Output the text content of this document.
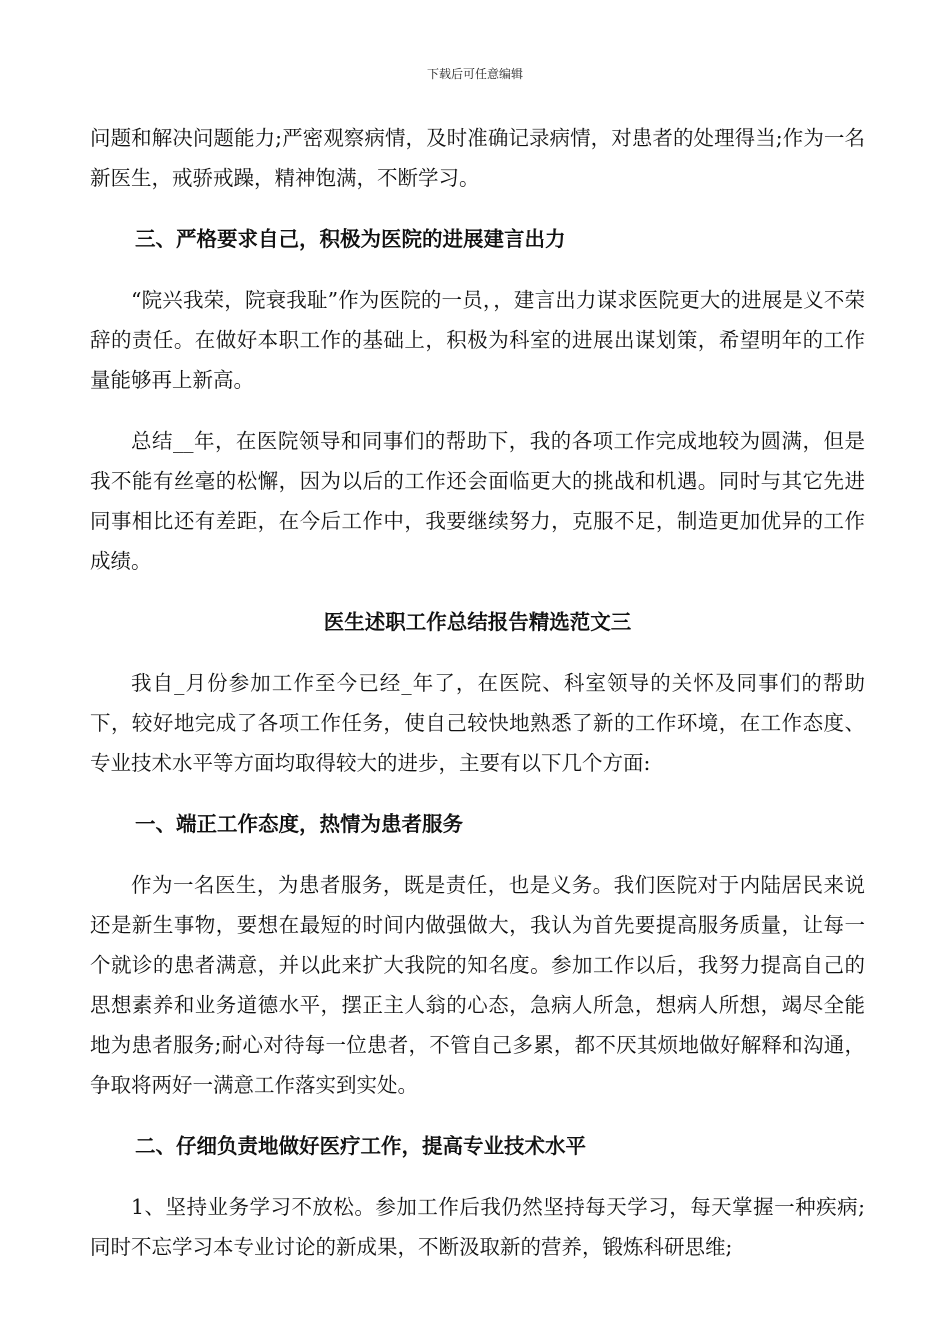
下载后可任意编辑

问题和解决问题能力;严密观察病情，及时准确记录病情，对患者的处理得当;作为一名新医生，戒骄戒躁，精神饱满，不断学习。

三、严格要求自己，积极为医院的进展建言出力

“院兴我荣，院衰我耻”作为医院的一员，，建言出力谋求医院更大的进展是义不荣辞的责任。在做好本职工作的基础上，积极为科室的进展出谋划策，希望明年的工作量能够再上新高。

总结__年，在医院领导和同事们的帮助下，我的各项工作完成地较为圆满，但是我不能有丝毫的松懈，因为以后的工作还会面临更大的挑战和机遇。同时与其它先进同事相比还有差距，在今后工作中，我要继续努力，克服不足，制造更加优异的工作成绩。

医生述职工作总结报告精选范文三

我自_月份参加工作至今已经_年了，在医院、科室领导的关怀及同事们的帮助下，较好地完成了各项工作任务，使自己较快地熟悉了新的工作环境，在工作态度、专业技术水平等方面均取得较大的进步，主要有以下几个方面:

一、端正工作态度，热情为患者服务

作为一名医生，为患者服务，既是责任，也是义务。我们医院对于内陆居民来说还是新生事物，要想在最短的时间内做强做大，我认为首先要提高服务质量，让每一个就诊的患者满意，并以此来扩大我院的知名度。参加工作以后，我努力提高自己的思想素养和业务道德水平，摆正主人翁的心态，急病人所急，想病人所想，竭尽全能地为患者服务;耐心对待每一位患者，不管自己多累，都不厌其烦地做好解释和沟通，争取将两好一满意工作落实到实处。

二、仔细负责地做好医疗工作，提高专业技术水平

1、坚持业务学习不放松。参加工作后我仍然坚持每天学习，每天掌握一种疾病;同时不忘学习本专业讨论的新成果，不断汲取新的营养，锻炼科研思维;
